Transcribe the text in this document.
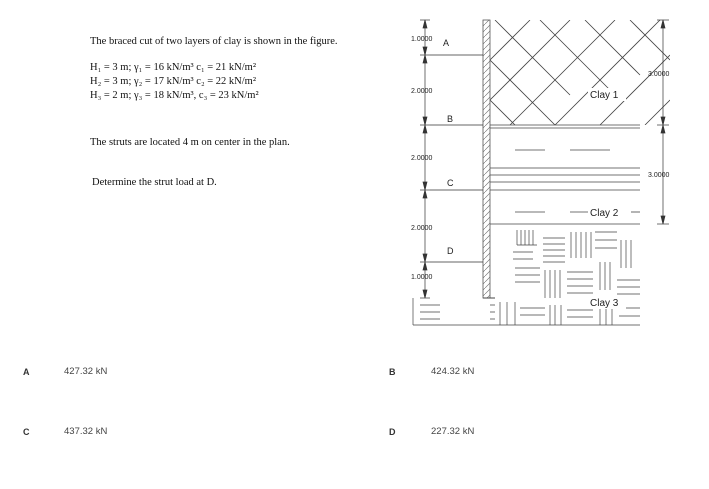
The braced cut of two layers of clay is shown in the figure.
H₁ = 3 m; γ₁ = 16 kN/m³ c₁ = 21 kN/m²
H₂ = 3 m; γ₂ = 17 kN/m³ c₂ = 22 kN/m²
H₃ = 2 m; γ₃ = 18 kN/m³, c₃ = 23 kN/m²
The struts are located 4 m on center in the plan.
Determine the strut load at D.
1.0000
2.0000
2.0000
2.0000
1.0000
3.0000
3.0000
A
B
C
D
Clay 1
Clay 2
Clay 3
A	427.32 kN	B	424.32 kN
C	437.32 kN	D	227.32 kN
